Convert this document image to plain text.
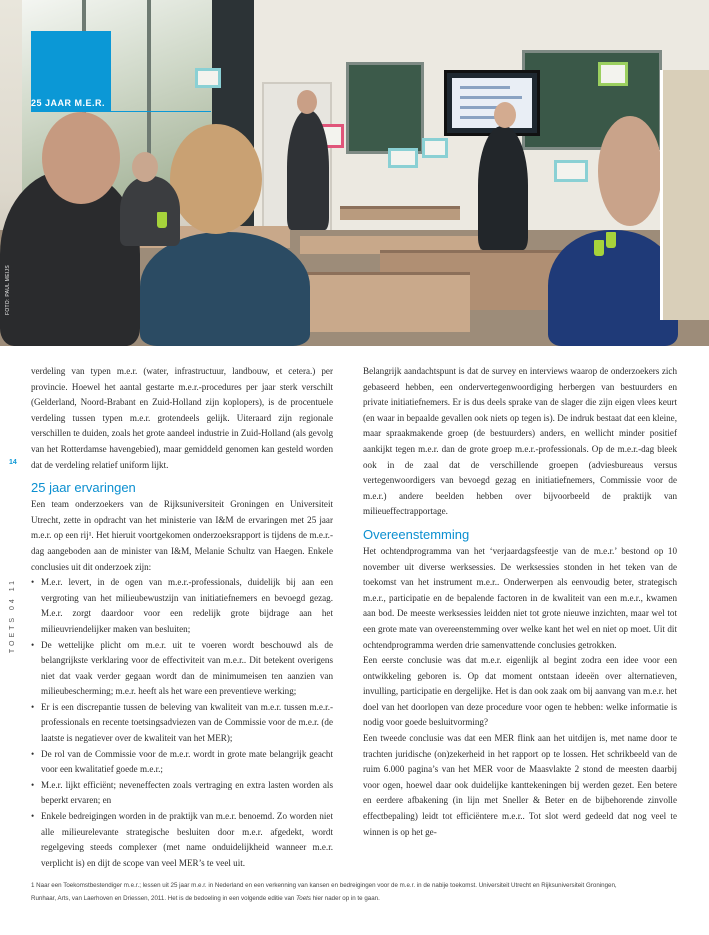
FOTO: PAUL MEIJS
25 JAAR M.E.R.
14
TOETS 04 11

verdeling van typen m.e.r. (water, infrastructuur, landbouw, et cetera.) per provincie. Hoewel het aantal gestarte m.e.r.-procedures per jaar sterk verschilt (Gelderland, Noord-Brabant en Zuid-Holland zijn koplopers), is de procentuele verdeling tussen typen m.e.r. grotendeels gelijk. Uiteraard zijn regionale verschillen te duiden, zoals het grote aandeel industrie in Zuid-Holland (als gevolg van het Rotterdamse havengebied), maar gemiddeld genomen kan gesteld worden dat de verdeling relatief uniform lijkt.

25 jaar ervaringen

Een team onderzoekers van de Rijksuniversiteit Groningen en Universiteit Utrecht, zette in opdracht van het ministerie van I&M de ervaringen met 25 jaar m.e.r. op een rij¹. Het hieruit voortgekomen onderzoeksrapport is tijdens de m.e.r.-dag aangeboden aan de minister van I&M, Melanie Schultz van Haegen. Enkele conclusies uit dit onderzoek zijn:

• M.e.r. levert, in de ogen van m.e.r.-professionals, duidelijk bij aan een vergroting van het milieubewustzijn van initiatiefnemers en bevoegd gezag. M.e.r. zorgt daardoor voor een redelijk grote bijdrage aan het milieuvriendelijker maken van besluiten;
• De wettelijke plicht om m.e.r. uit te voeren wordt beschouwd als de belangrijkste verklaring voor de effectiviteit van m.e.r.. Dit betekent overigens niet dat vaak verder gegaan wordt dan de minimumeisen ten aanzien van milieubescherming; m.e.r. heeft als het ware een preventieve werking;
• Er is een discrepantie tussen de beleving van kwaliteit van m.e.r. tussen m.e.r.-professionals en recente toetsingsadviezen van de Commissie voor de m.e.r. (de laatste is negatiever over de kwaliteit van het MER);
• De rol van de Commissie voor de m.e.r. wordt in grote mate belangrijk geacht voor een kwalitatief goede m.e.r.;
• M.e.r. lijkt efficiënt; neveneffecten zoals vertraging en extra lasten worden als beperkt ervaren; en
• Enkele bedreigingen worden in de praktijk van m.e.r. benoemd. Zo worden niet alle milieurelevante strategische besluiten door m.e.r. afgedekt, wordt regelgeving steeds complexer (met name onduidelijkheid wanneer m.e.r. verplicht is) en dijt de scope van veel MER’s te veel uit.

Belangrijk aandachtspunt is dat de survey en interviews waarop de onderzoekers zich gebaseerd hebben, een ondervertegenwoordiging herbergen van bestuurders en private initiatiefnemers. Er is dus deels sprake van de slager die zijn eigen vlees keurt (en waar in bepaalde gevallen ook niets op tegen is). De indruk bestaat dat een kleine, maar spraakmakende groep (de bestuurders) anders, en wellicht minder positief aankijkt tegen m.e.r. dan de grote groep m.e.r.-professionals. Op de m.e.r.-dag bleek ook in de zaal dat de verschillende groepen (adviesbureaus versus vertegenwoordigers van bevoegd gezag en initiatiefnemers, Commissie voor de m.e.r.) andere beelden hebben over bijvoorbeeld de praktijk van milieueffectrapportage.

Overeenstemming

Het ochtendprogramma van het ‘verjaardagsfeestje van de m.e.r.’ bestond op 10 november uit diverse werksessies. De werksessies stonden in het teken van de toekomst van het instrument m.e.r.. Onderwerpen als eenvoudig beter, strategisch m.e.r., participatie en de bepalende factoren in de kwaliteit van een m.e.r., kwamen aan bod. De meeste werksessies leidden niet tot grote nieuwe inzichten, maar wel tot een grote mate van overeenstemming over welke kant het wel en niet op moet. Uit dit ochtendprogramma werden drie samenvattende conclusies getrokken.

Een eerste conclusie was dat m.e.r. eigenlijk al begint zodra een idee voor een ontwikkeling geboren is. Op dat moment ontstaan ideeën over alternatieven, invulling, participatie en dergelijke. Het is dan ook zaak om bij aanvang van m.e.r. het doel van het doorlopen van deze procedure voor ogen te hebben: welke informatie is nodig voor goede besluitvorming?

Een tweede conclusie was dat een MER flink aan het uitdijen is, met name door te trachten juridische (on)zekerheid in het rapport op te lossen. Het schrikbeeld van de ruim 6.000 pagina’s van het MER voor de Maasvlakte 2 stond de meesten daarbij voor ogen, hoewel daar ook duidelijke kanttekeningen bij werden gezet. Een betere en eerdere afbakening (in lijn met Sneller & Beter en de bijbehorende zinvolle effectbepaling) leidt tot efficiëntere m.e.r.. Tot slot werd gedeeld dat nog veel te winnen is op het ge-

1 Naar een Toekomstbestendiger m.e.r.; lessen uit 25 jaar m.e.r. in Nederland en een verkenning van kansen en bedreigingen voor de m.e.r. in de nabije toekomst. Universiteit Utrecht en Rijksuniversiteit Groningen,
Runhaar, Arts, van Laerhoven en Driessen, 2011. Het is de bedoeling in een volgende editie van Toets hier nader op in te gaan.
